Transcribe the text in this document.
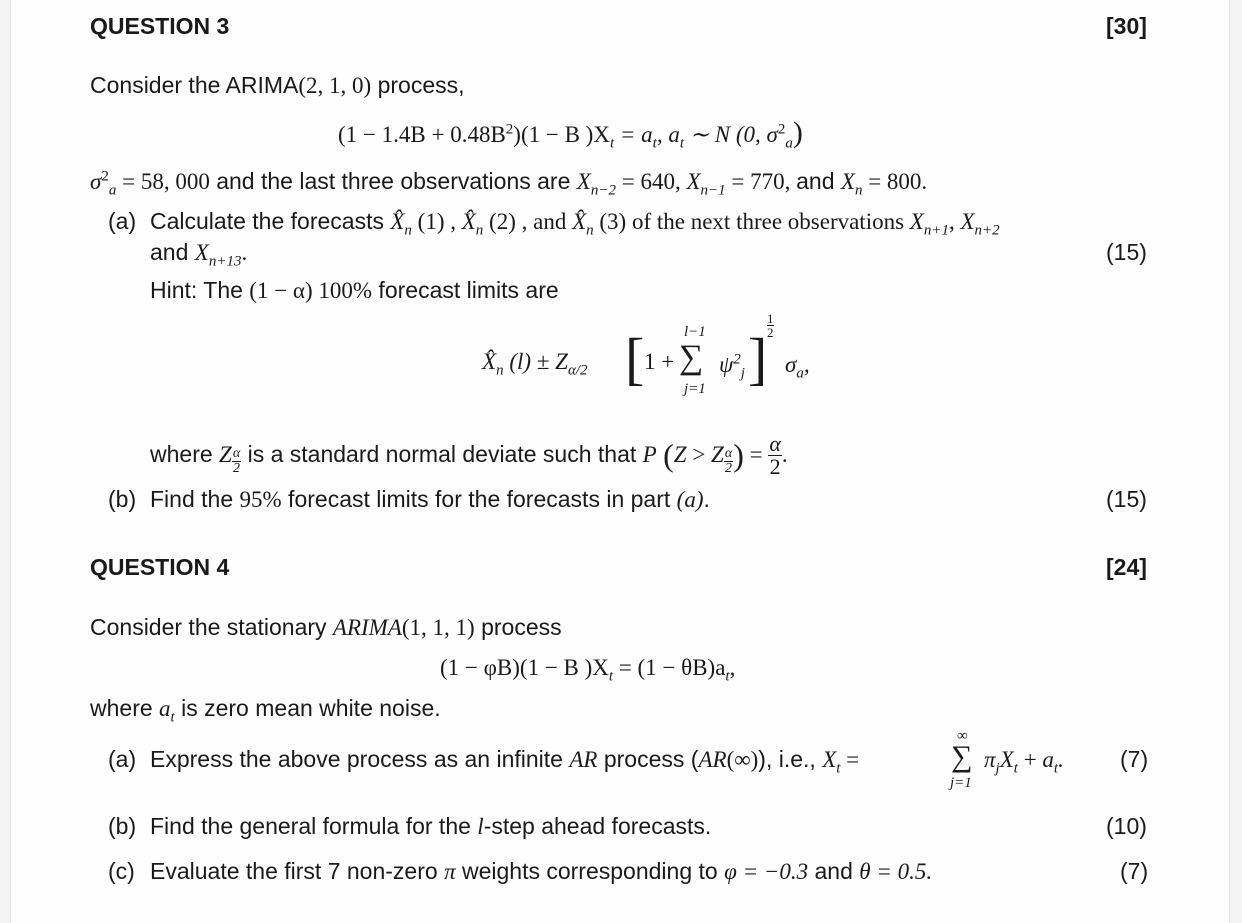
QUESTION 3	[30]
Consider the ARIMA(2, 1, 0) process,
$(1 - 1.4B + 0.48B^2)(1 - B$ )$X_t = a_t$, $a_t$ ∼ N (0, $\sigma^2_a$)
$\sigma^2_a = 58$, 000 and the last three observations are $X_{n-2} = 640$, $X_{n-1} = 770$, and $X_n = 800$.
(a) Calculate the forecasts $X̂_n$ (1) , $X̂_n$ (2) , and $X̂_n$ (3) of the next three observations $X_{n+1}$, $X_{n+2}$
and $X_{n+13}$.	(15)
Hint: The (1 − α) 100% forecast limits are
$X̂_n$ $(l) \pm Z_{\alpha/2}$ [ 1 +
l−1
∑
j=1
$\psi^2_j$ ]
1
2
$\sigma_a$,
where Z $\frac{\alpha}{2}$ is a standard normal deviate such that P (Z > Z $\frac{\alpha}{2}$ ) = $\frac{\alpha}{2}$ .
(b) Find the 95% forecast limits for the forecasts in part (a).	(15)
QUESTION 4	[24]
Consider the stationary ARIMA(1, 1, 1) process
(1 − φB)(1 − B )$X_t = (1 - \theta B)a_t$,
where $a_t$ is zero mean white noise.
(a) Express the above process as an infinite AR process (AR(∞)), i.e., $X_t$ =
∞
∑
j=1
$\pi_jX_t + a_t$. (7)
(b) Find the general formula for the l-step ahead forecasts.	(10)
(c) Evaluate the first 7 non-zero π weights corresponding to φ = −0.3 and θ = 0.5.	(7)
